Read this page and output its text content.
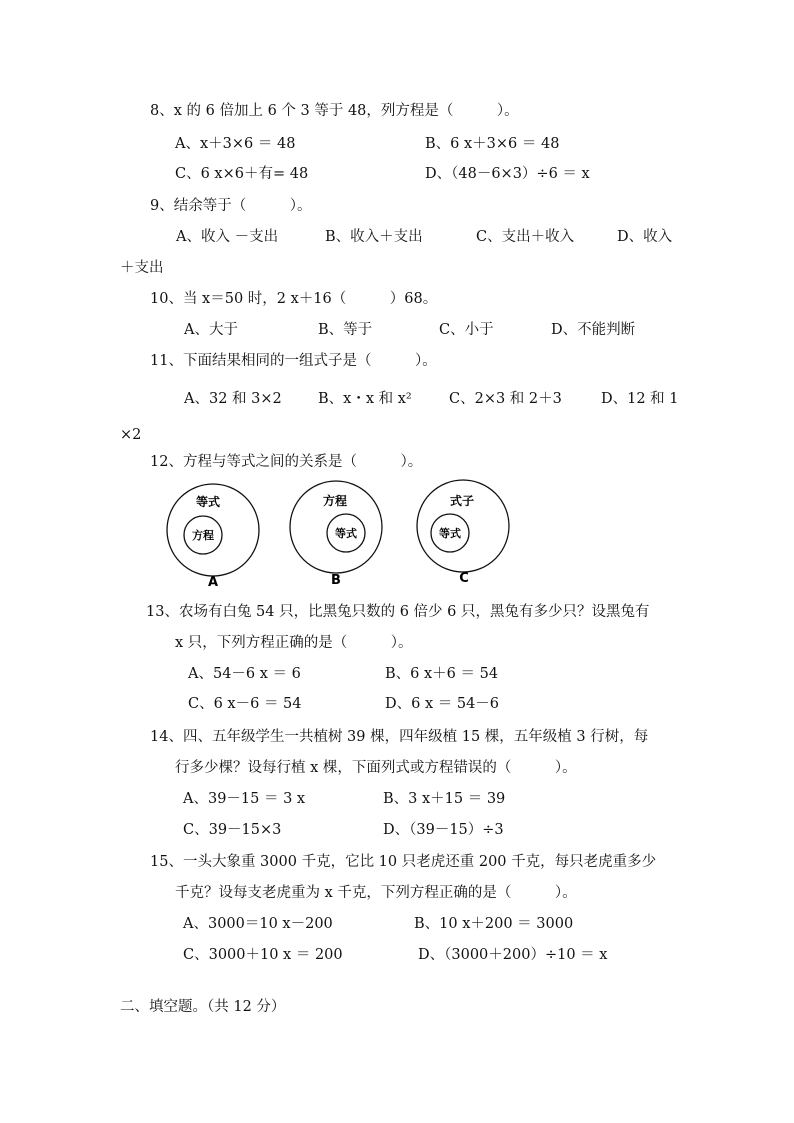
8、x 的 6 倍加上 6 个 3 等于 48，列方程是（　　　）。
A、x＋3×6 ＝ 48	B、6 x＋3×6 ＝ 48
C、6 x×6＋有= 48	D、（48－6×3）÷6 ＝ x
9、结余等于（　　　）。
A、收入 －支出	B、收入＋支出	C、支出＋收入	D、收入
＋支出
10、当 x＝50 时，2 x＋16（　　　）68。
A、大于	B、等于	C、小于	D、不能判断
11、下面结果相同的一组式子是（　　　）。
A、32 和 3×2	B、x・x 和 x²	C、2×3 和 2＋3	D、12 和 1
×2
12、方程与等式之间的关系是（　　　）。
等式
方程
A
方程
等式
B
式子
等式
C
13、农场有白兔 54 只，比黑兔只数的 6 倍少 6 只，黑兔有多少只？设黑兔有
x 只，下列方程正确的是（　　　）。
A、54－6 x ＝ 6	B、6 x＋6 ＝ 54
C、6 x－6 ＝ 54	D、6 x ＝ 54－6
14、四、五年级学生一共植树 39 棵，四年级植 15 棵，五年级植 3 行树，每
行多少棵？设每行植 x 棵，下面列式或方程错误的（　　　）。
A、39－15 ＝ 3 x	B、3 x＋15 ＝ 39
C、39－15×3	D、（39－15）÷3
15、一头大象重 3000 千克，它比 10 只老虎还重 200 千克，每只老虎重多少
千克？设每支老虎重为 x 千克，下列方程正确的是（　　　）。
A、3000＝10 x－200	B、10 x＋200 ＝ 3000
C、3000＋10 x ＝ 200	D、（3000＋200）÷10 ＝ x
二、填空题。（共 12 分）
